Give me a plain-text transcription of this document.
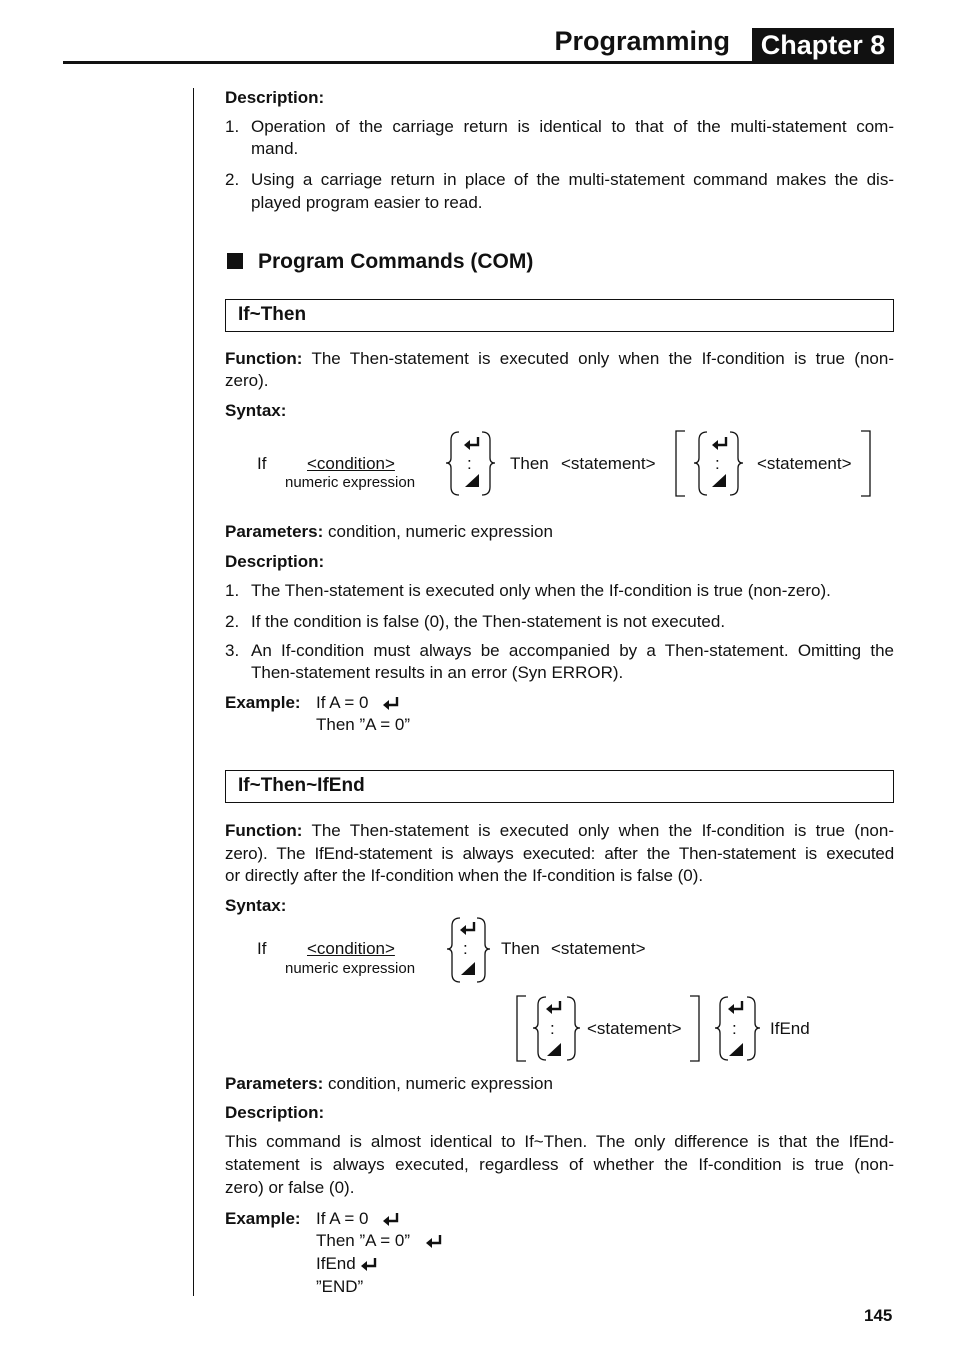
Programming	Chapter 8
Description:
1. Operation of the carriage return is identical to that of the multi-statement com-
mand.
2. Using a carriage return in place of the multi-statement command makes the dis-
played program easier to read.
Program Commands (COM)
If~Then
Function: The Then-statement is executed only when the If-condition is true (non-
zero).
Syntax:
If <condition>
numeric expression
: Then <statement>	: <statement>
Parameters: condition, numeric expression
Description:
1. The Then-statement is executed only when the If-condition is true (non-zero).
2. If the condition is false (0), the Then-statement is not executed.
3. An If-condition must always be accompanied by a Then-statement. Omitting the
Then-statement results in an error (Syn ERROR).
Example: If A = 0
Then ”A = 0”
If~Then~IfEnd
Function: The Then-statement is executed only when the If-condition is true (non-
zero). The IfEnd-statement is always executed: after the Then-statement is executed
or directly after the If-condition when the If-condition is false (0).
Syntax:
If <condition>
numeric expression
: Then <statement>
: <statement>	: IfEnd
Parameters: condition, numeric expression
Description:
This command is almost identical to If~Then. The only difference is that the IfEnd-
statement is always executed, regardless of whether the If-condition is true (non-
zero) or false (0).
Example: If A = 0
Then ”A = 0”
IfEnd
”END”
145
